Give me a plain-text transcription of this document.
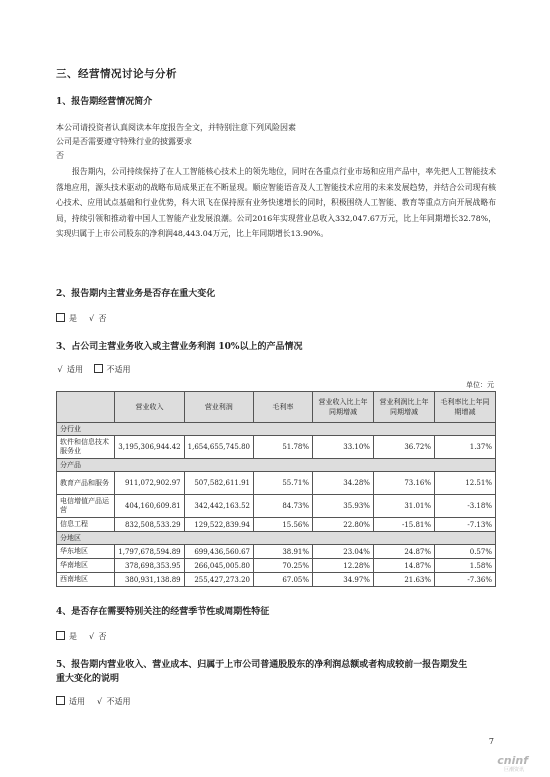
三、经营情况讨论与分析
1、报告期经营情况简介
本公司请投资者认真阅读本年度报告全文，并特别注意下列风险因素
公司是否需要遵守特殊行业的披露要求
否
报告期内，公司持续保持了在人工智能核心技术上的领先地位，同时在各重点行业市场和应用产品中，率先把人工智能技术落地应用，源头技术驱动的战略布局成果正在不断显现。顺应智能语音及人工智能技术应用的未来发展趋势，并结合公司现有核心技术、应用试点基础和行业优势，科大讯飞在保持原有业务快速增长的同时，积极围绕人工智能、教育等重点方向开展战略布局，持续引领和推动着中国人工智能产业发展浪潮。公司2016年实现营业总收入332,047.67万元，比上年同期增长32.78%，实现归属于上市公司股东的净利润48,443.04万元，比上年同期增长13.90%。
2、报告期内主营业务是否存在重大变化
是 √ 否
3、占公司主营业务收入或主营业务利润 10%以上的产品情况
√ 适用	不适用
单位：元
	营业收入	营业利润	毛利率	营业收入比上年同期增减	营业利润比上年同期增减	毛利率比上年同期增减
分行业						
软件和信息技术服务业	3,195,306,944.42	1,654,655,745.80	51.78%	33.10%	36.72%	1.37%
分产品						
教育产品和服务	911,072,902.97	507,582,611.91	55.71%	34.28%	73.16%	12.51%
电信增值产品运营	404,160,609.81	342,442,163.52	84.73%	35.93%	31.01%	-3.18%
信息工程	832,508,533.29	129,522,839.94	15.56%	22.80%	-15.81%	-7.13%
分地区						
华东地区	1,797,678,594.89	699,436,560.67	38.91%	23.04%	24.87%	0.57%
华南地区	378,698,353.95	266,045,005.80	70.25%	12.28%	14.87%	1.58%
西南地区	380,931,138.89	255,427,273.20	67.05%	34.97%	21.63%	-7.36%
4、是否存在需要特别关注的经营季节性或周期性特征
是 √ 否
5、报告期内营业收入、营业成本、归属于上市公司普通股股东的净利润总额或者构成较前一报告期发生
重大变化的说明
适用 √ 不适用
7
cninf
巨潮资讯
